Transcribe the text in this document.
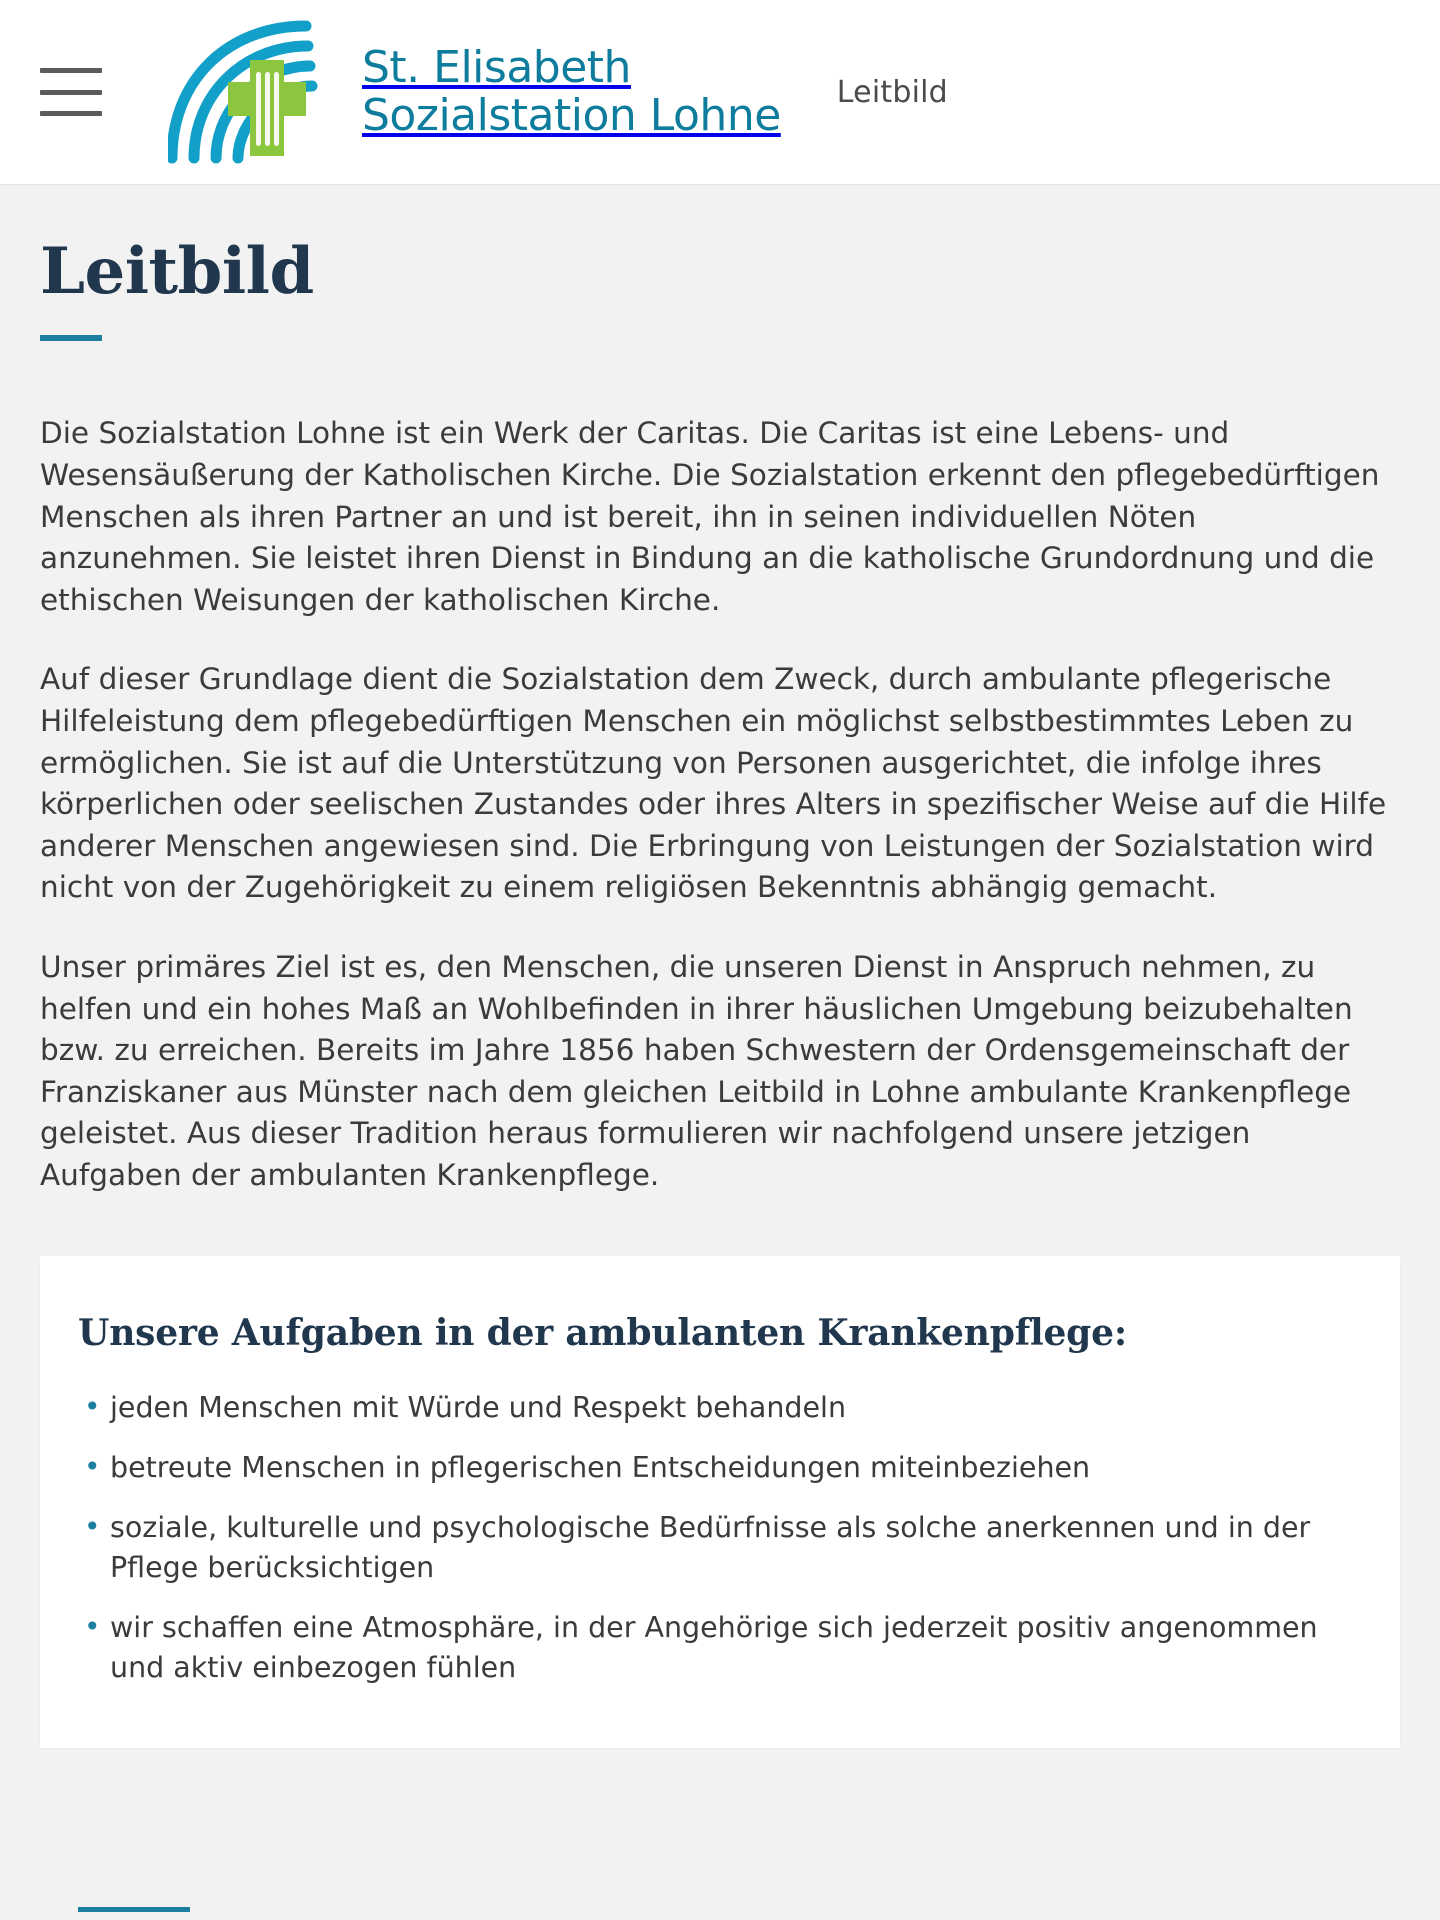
St. Elisabeth
Sozialstation Lohne Leitbild
Leitbild

Die Sozialstation Lohne ist ein Werk der Caritas. Die Caritas ist eine Lebens- und Wesensäußerung der Katholischen Kirche. Die Sozialstation erkennt den pflegebedürftigen Menschen als ihren Partner an und ist bereit, ihn in seinen individuellen Nöten anzunehmen. Sie leistet ihren Dienst in Bindung an die katholische Grundordnung und die ethischen Weisungen der katholischen Kirche.

Auf dieser Grundlage dient die Sozialstation dem Zweck, durch ambulante pflegerische Hilfeleistung dem pflegebedürftigen Menschen ein möglichst selbstbestimmtes Leben zu ermöglichen. Sie ist auf die Unterstützung von Personen ausgerichtet, die infolge ihres körperlichen oder seelischen Zustandes oder ihres Alters in spezifischer Weise auf die Hilfe anderer Menschen angewiesen sind. Die Erbringung von Leistungen der Sozialstation wird nicht von der Zugehörigkeit zu einem religiösen Bekenntnis abhängig gemacht.

Unser primäres Ziel ist es, den Menschen, die unseren Dienst in Anspruch nehmen, zu helfen und ein hohes Maß an Wohlbefinden in ihrer häuslichen Umgebung beizubehalten bzw. zu erreichen. Bereits im Jahre 1856 haben Schwestern der Ordensgemeinschaft der Franziskaner aus Münster nach dem gleichen Leitbild in Lohne ambulante Krankenpflege geleistet. Aus dieser Tradition heraus formulieren wir nachfolgend unsere jetzigen Aufgaben der ambulanten Krankenpflege.

Unsere Aufgaben in der ambulanten Krankenpflege:
• jeden Menschen mit Würde und Respekt behandeln
• betreute Menschen in pflegerischen Entscheidungen miteinbeziehen
• soziale, kulturelle und psychologische Bedürfnisse als solche anerkennen und in der Pflege berücksichtigen
• wir schaffen eine Atmosphäre, in der Angehörige sich jederzeit positiv angenommen und aktiv einbezogen fühlen
